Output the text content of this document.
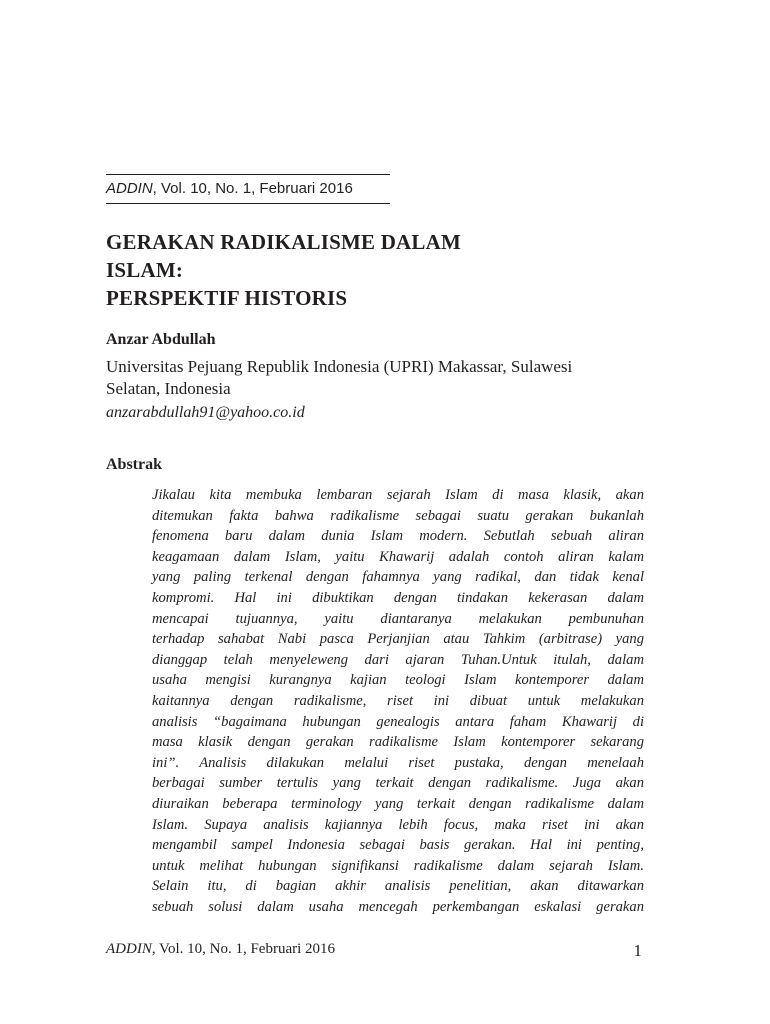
ADDIN, Vol. 10, No. 1, Februari 2016
GERAKAN RADIKALISME DALAM
ISLAM:
PERSPEKTIF HISTORIS
Anzar Abdullah
Universitas Pejuang Republik Indonesia (UPRI) Makassar, Sulawesi
Selatan, Indonesia
anzarabdullah91@yahoo.co.id
Abstrak
Jikalau kita membuka lembaran sejarah Islam di masa klasik, akan
ditemukan fakta bahwa radikalisme sebagai suatu gerakan bukanlah
fenomena baru dalam dunia Islam modern. Sebutlah sebuah aliran
keagamaan dalam Islam, yaitu Khawarij adalah contoh aliran kalam
yang paling terkenal dengan fahamnya yang radikal, dan tidak kenal
kompromi. Hal ini dibuktikan dengan tindakan kekerasan dalam
mencapai tujuannya, yaitu diantaranya melakukan pembunuhan
terhadap sahabat Nabi pasca Perjanjian atau Tahkim (arbitrase) yang
dianggap telah menyeleweng dari ajaran Tuhan.Untuk itulah, dalam
usaha mengisi kurangnya kajian teologi Islam kontemporer dalam
kaitannya dengan radikalisme, riset ini dibuat untuk melakukan
analisis “bagaimana hubungan genealogis antara faham Khawarij di
masa klasik dengan gerakan radikalisme Islam kontemporer sekarang
ini”. Analisis dilakukan melalui riset pustaka, dengan menelaah
berbagai sumber tertulis yang terkait dengan radikalisme. Juga akan
diuraikan beberapa terminology yang terkait dengan radikalisme dalam
Islam. Supaya analisis kajiannya lebih focus, maka riset ini akan
mengambil sampel Indonesia sebagai basis gerakan. Hal ini penting,
untuk melihat hubungan signifikansi radikalisme dalam sejarah Islam.
Selain itu, di bagian akhir analisis penelitian, akan ditawarkan
sebuah solusi dalam usaha mencegah perkembangan eskalasi gerakan
ADDIN, Vol. 10, No. 1, Februari 2016	1
